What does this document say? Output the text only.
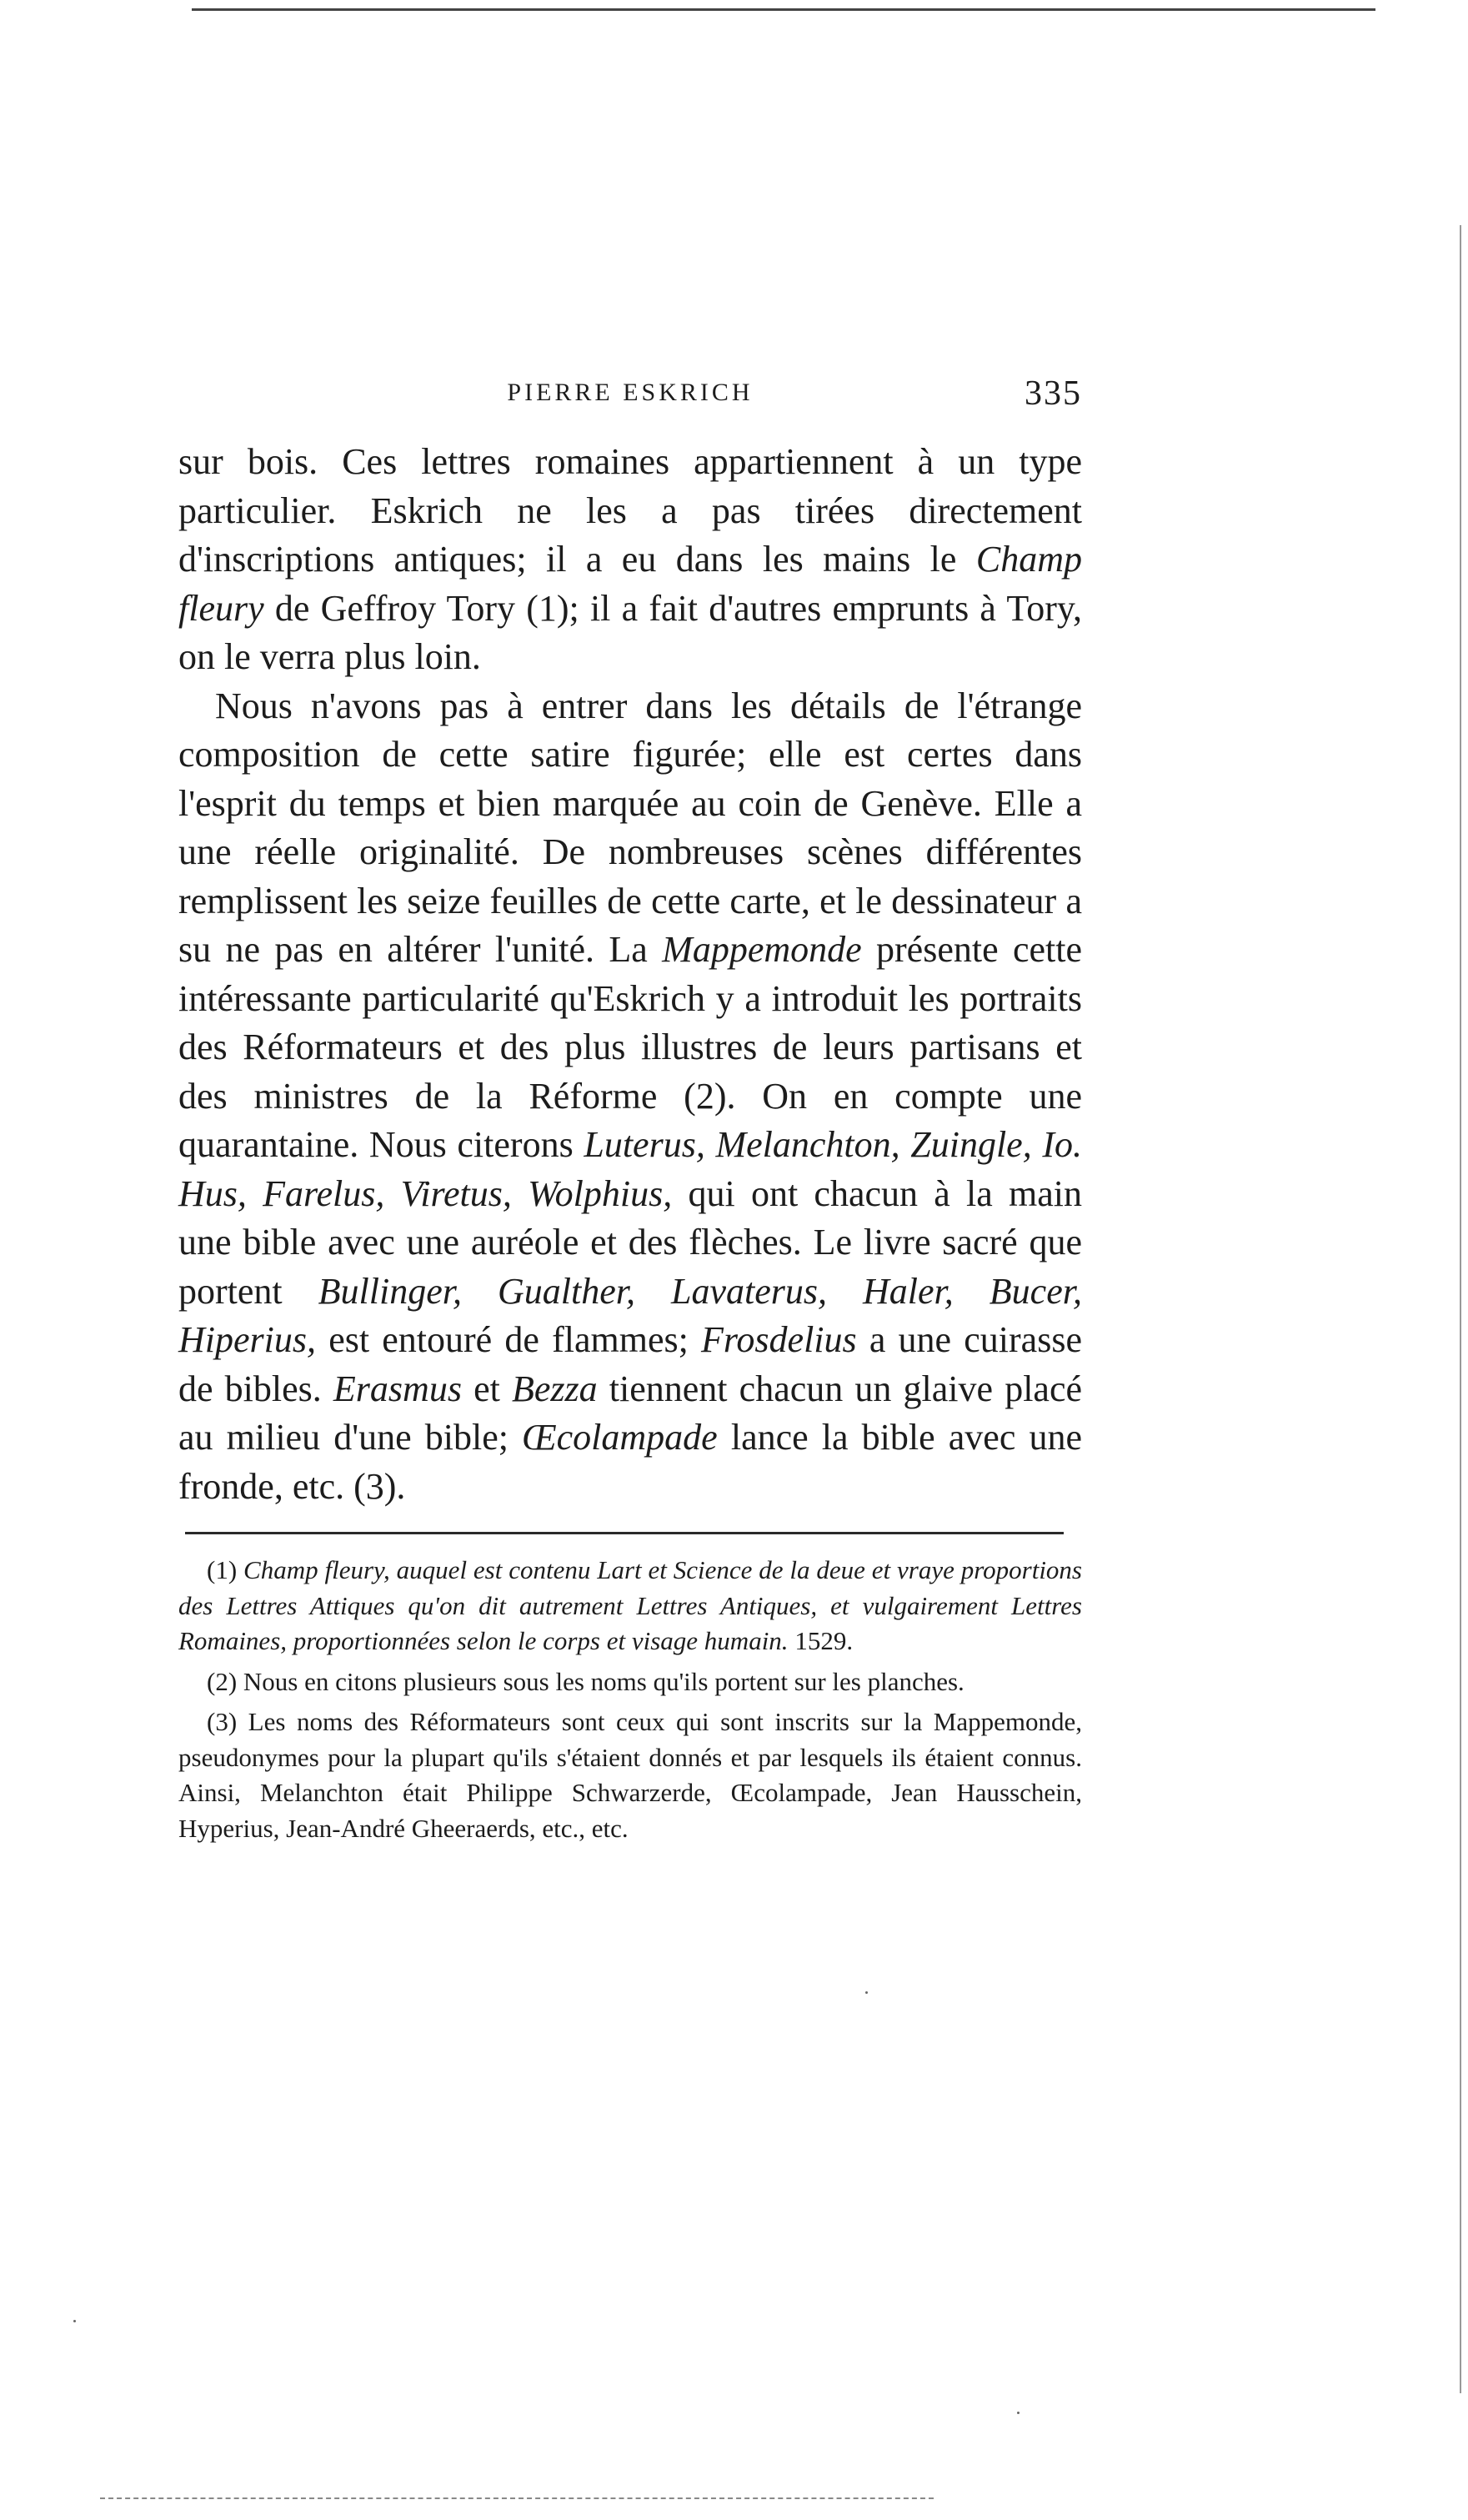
PIERRE ESKRICH	335

sur bois. Ces lettres romaines appartiennent à un type particulier. Eskrich ne les a pas tirées directement d'inscriptions antiques; il a eu dans les mains le Champ fleury de Geffroy Tory (1); il a fait d'autres emprunts à Tory, on le verra plus loin.

Nous n'avons pas à entrer dans les détails de l'étrange composition de cette satire figurée; elle est certes dans l'esprit du temps et bien marquée au coin de Genève. Elle a une réelle originalité. De nombreuses scènes différentes remplissent les seize feuilles de cette carte, et le dessinateur a su ne pas en altérer l'unité. La Mappemonde présente cette intéressante particularité qu'Eskrich y a introduit les portraits des Réformateurs et des plus illustres de leurs partisans et des ministres de la Réforme (2). On en compte une quarantaine. Nous citerons Luterus, Melanchton, Zuingle, Io. Hus, Farelus, Viretus, Wolphius, qui ont chacun à la main une bible avec une auréole et des flèches. Le livre sacré que portent Bullinger, Gualther, Lavaterus, Haler, Bucer, Hiperius, est entouré de flammes; Frosdelius a une cuirasse de bibles. Erasmus et Bezza tiennent chacun un glaive placé au milieu d'une bible; Œcolampade lance la bible avec une fronde, etc. (3).

(1) Champ fleury, auquel est contenu Lart et Science de la deue et vraye proportions des Lettres Attiques qu'on dit autrement Lettres Antiques, et vulgairement Lettres Romaines, proportionnées selon le corps et visage humain. 1529.

(2) Nous en citons plusieurs sous les noms qu'ils portent sur les planches.

(3) Les noms des Réformateurs sont ceux qui sont inscrits sur la Mappemonde, pseudonymes pour la plupart qu'ils s'étaient donnés et par lesquels ils étaient connus. Ainsi, Melanchton était Philippe Schwarzerde, Œcolampade, Jean Hausschein, Hyperius, Jean-André Gheeraerds, etc., etc.
